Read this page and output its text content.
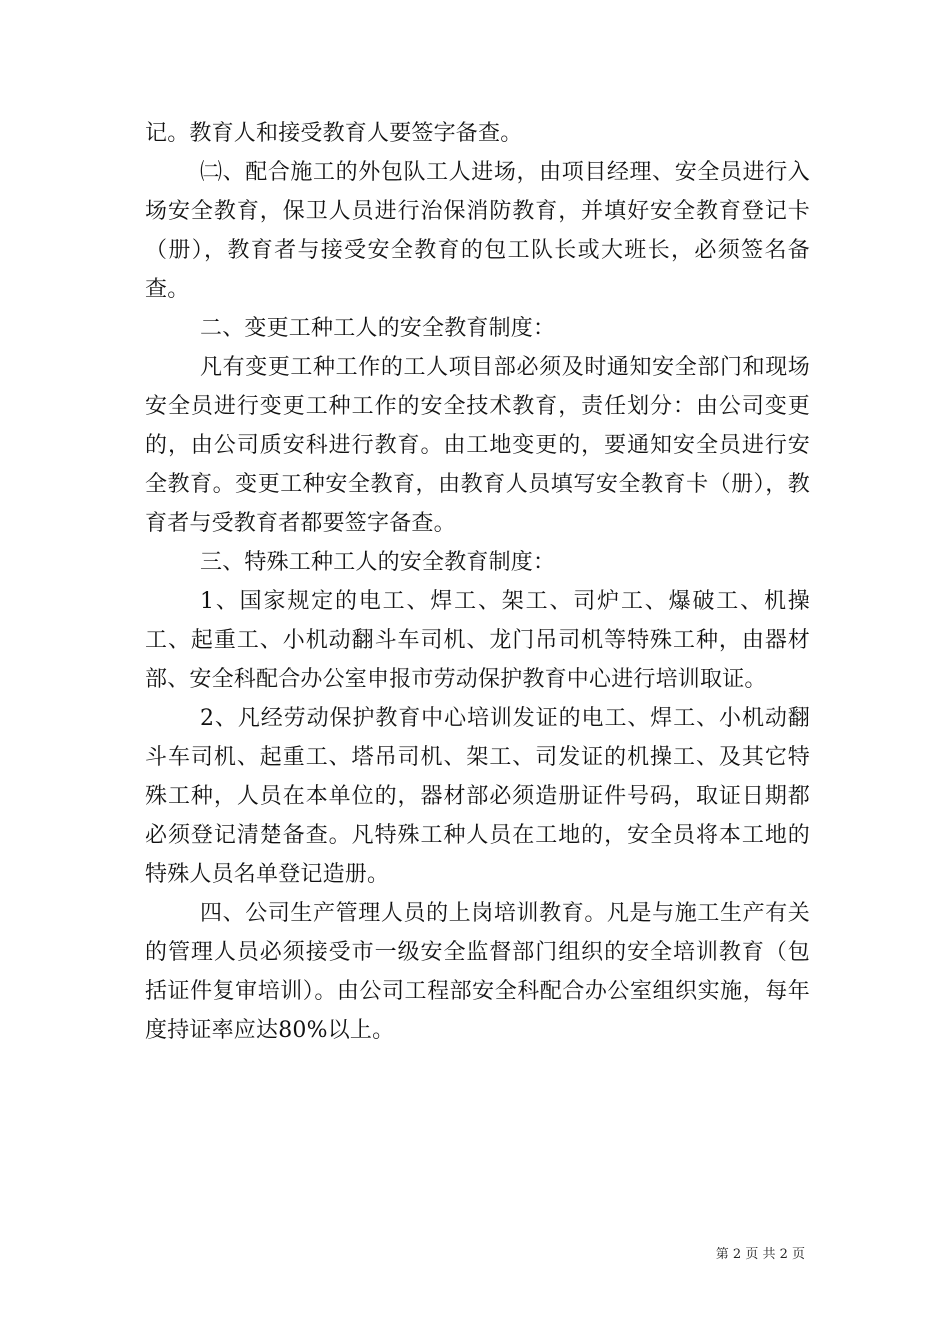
记。教育人和接受教育人要签字备查。

㈡、配合施工的外包队工人进场，由项目经理、安全员进行入场安全教育，保卫人员进行治保消防教育，并填好安全教育登记卡（册），教育者与接受安全教育的包工队长或大班长，必须签名备查。

二、变更工种工人的安全教育制度：

凡有变更工种工作的工人项目部必须及时通知安全部门和现场安全员进行变更工种工作的安全技术教育，责任划分：由公司变更的，由公司质安科进行教育。由工地变更的，要通知安全员进行安全教育。变更工种安全教育，由教育人员填写安全教育卡（册），教育者与受教育者都要签字备查。

三、特殊工种工人的安全教育制度：

1、国家规定的电工、焊工、架工、司炉工、爆破工、机操工、起重工、小机动翻斗车司机、龙门吊司机等特殊工种，由器材部、安全科配合办公室申报市劳动保护教育中心进行培训取证。

2、凡经劳动保护教育中心培训发证的电工、焊工、小机动翻斗车司机、起重工、塔吊司机、架工、司发证的机操工、及其它特殊工种，人员在本单位的，器材部必须造册证件号码，取证日期都必须登记清楚备查。凡特殊工种人员在工地的，安全员将本工地的特殊人员名单登记造册。

四、公司生产管理人员的上岗培训教育。凡是与施工生产有关的管理人员必须接受市一级安全监督部门组织的安全培训教育（包括证件复审培训）。由公司工程部安全科配合办公室组织实施，每年度持证率应达80%以上。

第 2 页 共 2 页
